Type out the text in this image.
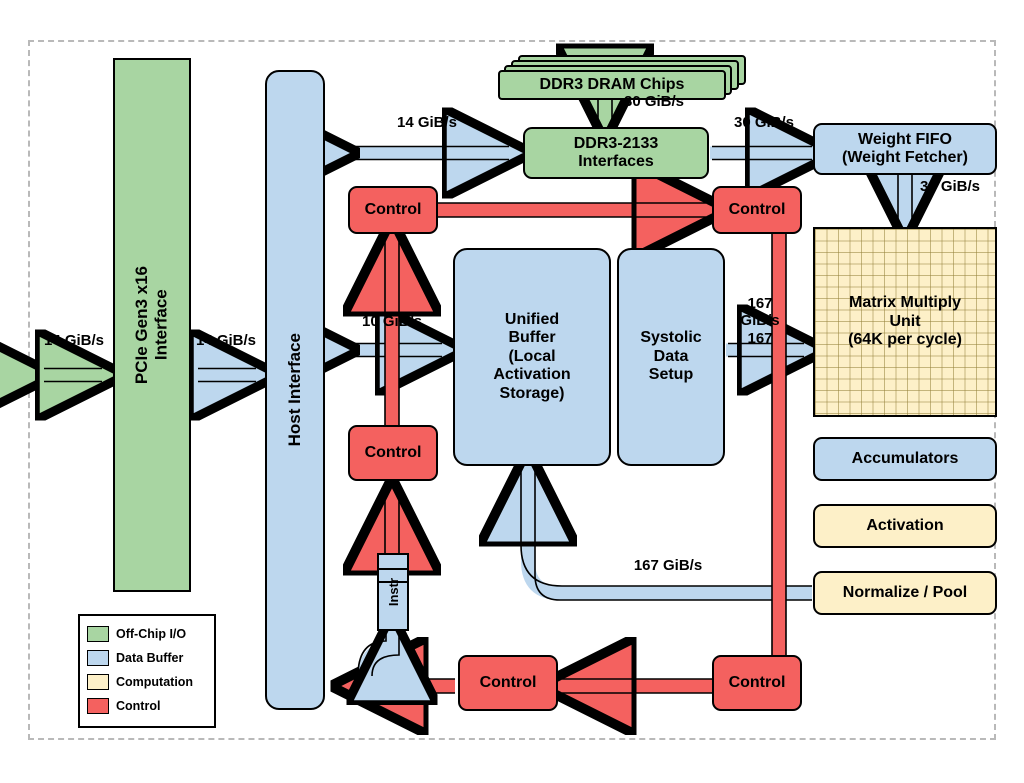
PCIe Gen3 x16
Interface
Host Interface
DDR3 DRAM Chips
DDR3-2133
Interfaces
Weight FIFO
(Weight Fetcher)
Matrix Multiply
Unit
(64K per cycle)
Accumulators
Activation
Normalize / Pool
Unified
Buffer
(Local
Activation
Storage)
Systolic
Data
Setup
Control	Control
Control
Control	Control
Instr
14 GiB/s	14 GiB/s
14 GiB/s
30 GiB/s
30 GiB/s
30 GiB/s
10 GiB/s
167 GiB/s
167
167 GiB/s
Off-Chip I/O
Data Buffer
Computation
Control
